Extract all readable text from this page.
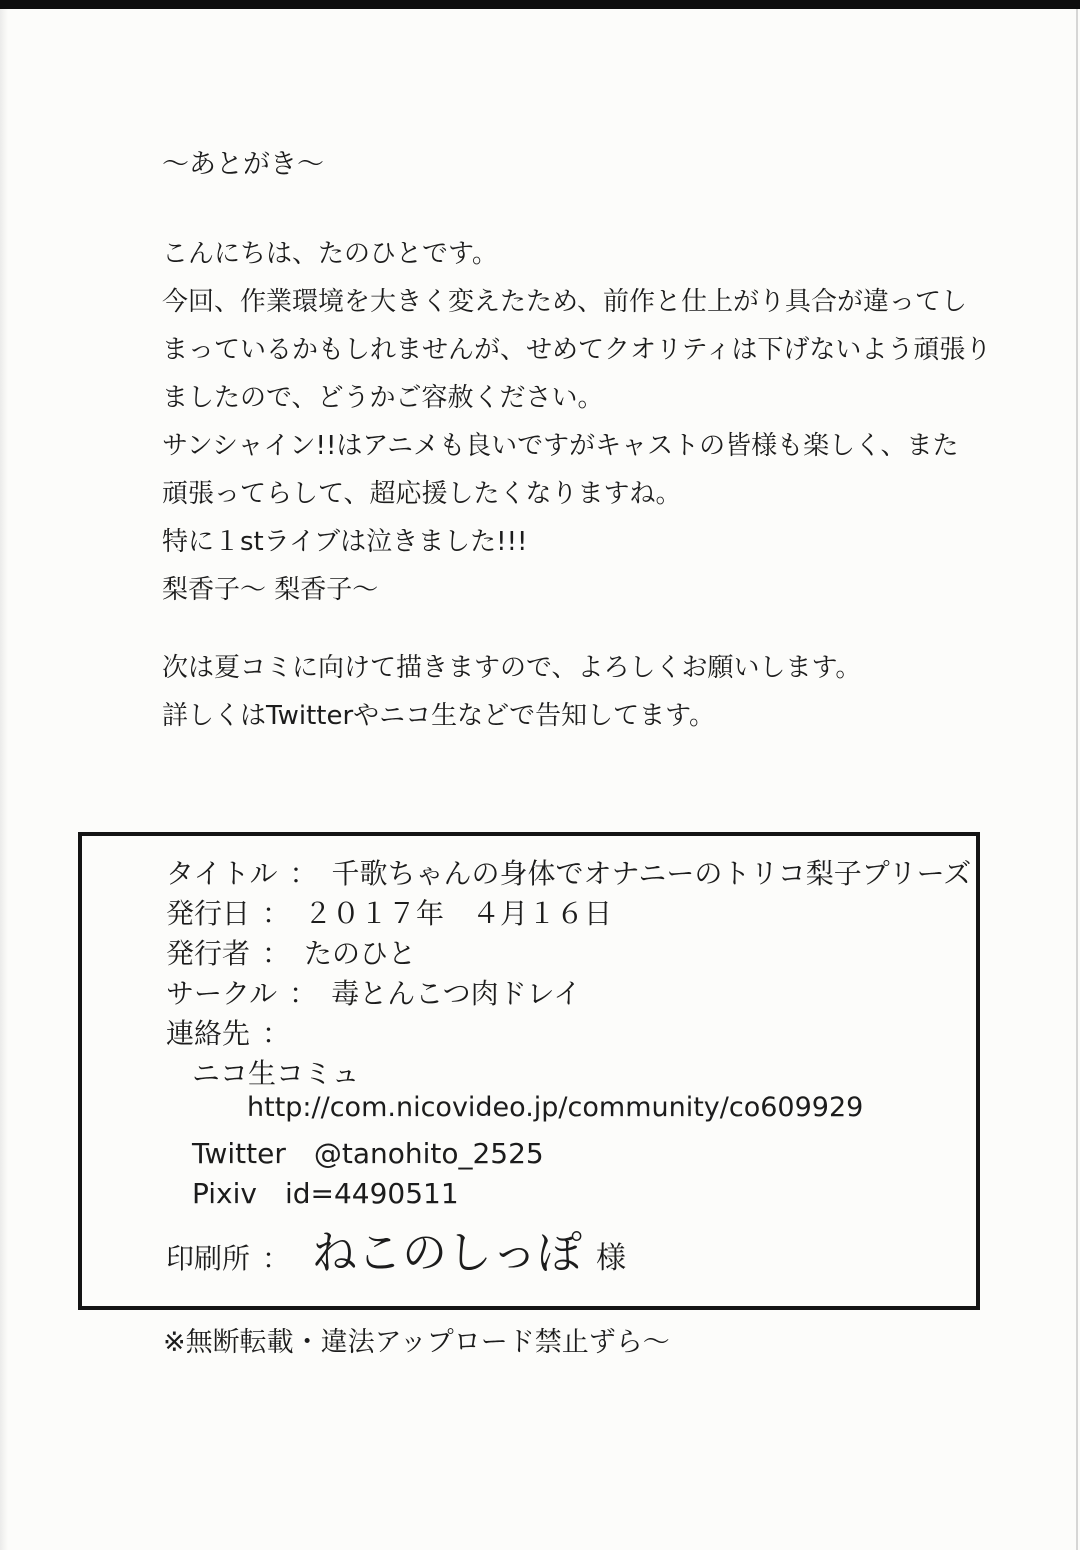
～あとがき～
こんにちは、たのひとです。
今回、作業環境を大きく変えたため、前作と仕上がり具合が違ってし
まっているかもしれませんが、せめてクオリティは下げないよう頑張り
ましたので、どうかご容赦ください。
サンシャイン!!はアニメも良いですがキャストの皆様も楽しく、また
頑張ってらして、超応援したくなりますね。
特に１stライブは泣きました!!!
梨香子～ 梨香子～
次は夏コミに向けて描きますので、よろしくお願いします。
詳しくはTwitterやニコ生などで告知してます。
タイトル ： 千歌ちゃんの身体でオナニーのトリコ梨子プリーズ
発行日 ： ２０１７年　４月１６日
発行者 ： たのひと
サークル ： 毒とんこつ肉ドレイ
連絡先 ：
ニコ生コミュ
http://com.nicovideo.jp/community/co609929
Twitter　@tanohito_2525
Pixiv　id=4490511
印刷所 ： ねこのしっぽ 様
※無断転載・違法アップロード禁止ずら～
